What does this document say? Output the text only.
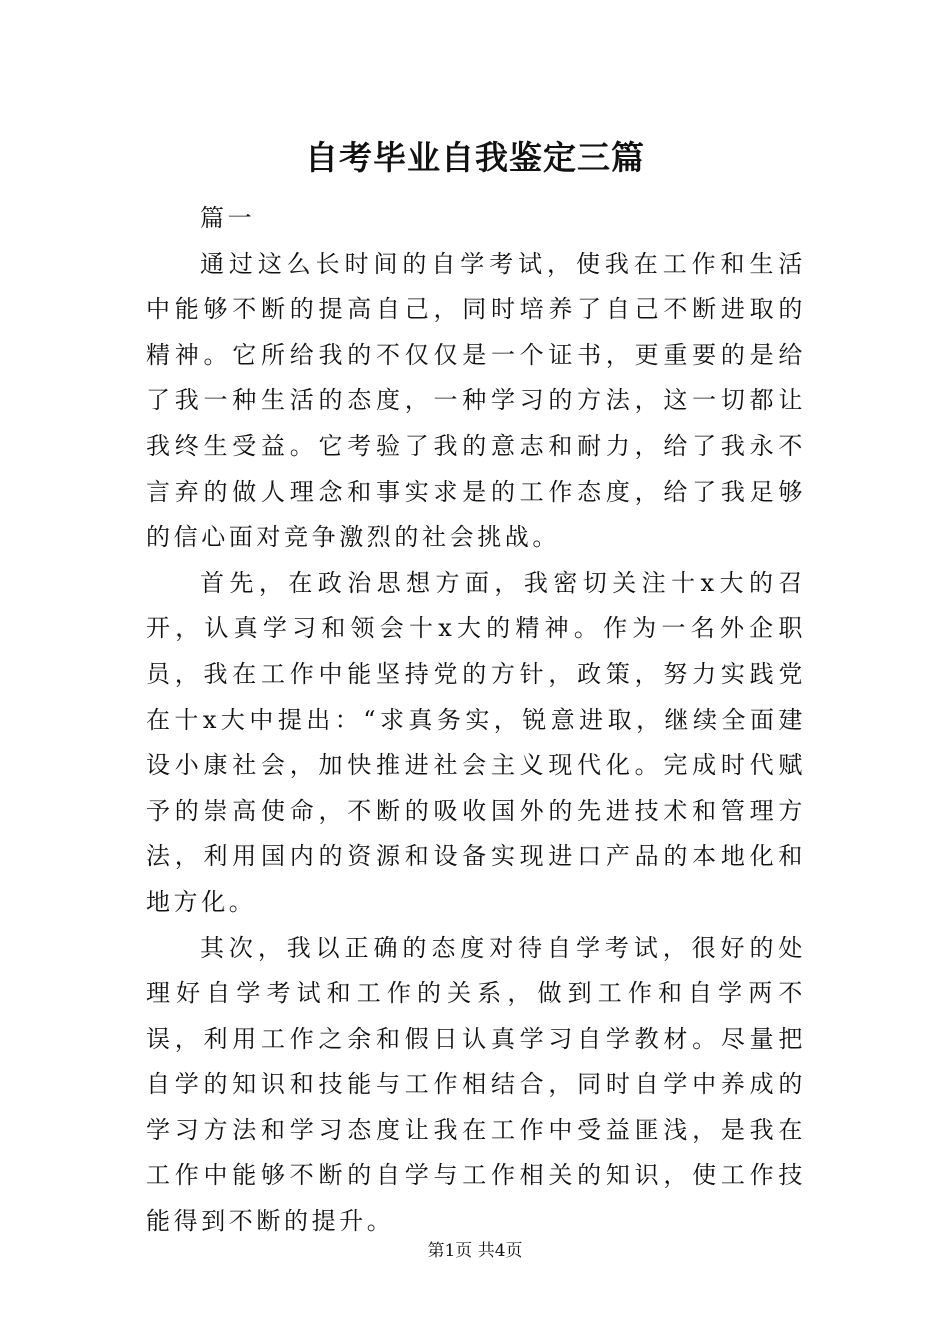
自考毕业自我鉴定三篇

篇一

通过这么长时间的自学考试，使我在工作和生活中能够不断的提高自己，同时培养了自己不断进取的精神。它所给我的不仅仅是一个证书，更重要的是给了我一种生活的态度，一种学习的方法，这一切都让我终生受益。它考验了我的意志和耐力，给了我永不言弃的做人理念和事实求是的工作态度，给了我足够的信心面对竞争激烈的社会挑战。

首先，在政治思想方面，我密切关注十x大的召开，认真学习和领会十x大的精神。作为一名外企职员，我在工作中能坚持党的方针，政策，努力实践党在十x大中提出：“求真务实，锐意进取，继续全面建设小康社会，加快推进社会主义现代化。完成时代赋予的崇高使命，不断的吸收国外的先进技术和管理方法，利用国内的资源和设备实现进口产品的本地化和地方化。

其次，我以正确的态度对待自学考试，很好的处理好自学考试和工作的关系，做到工作和自学两不误，利用工作之余和假日认真学习自学教材。尽量把自学的知识和技能与工作相结合，同时自学中养成的学习方法和学习态度让我在工作中受益匪浅，是我在工作中能够不断的自学与工作相关的知识，使工作技能得到不断的提升。

第1页 共4页
